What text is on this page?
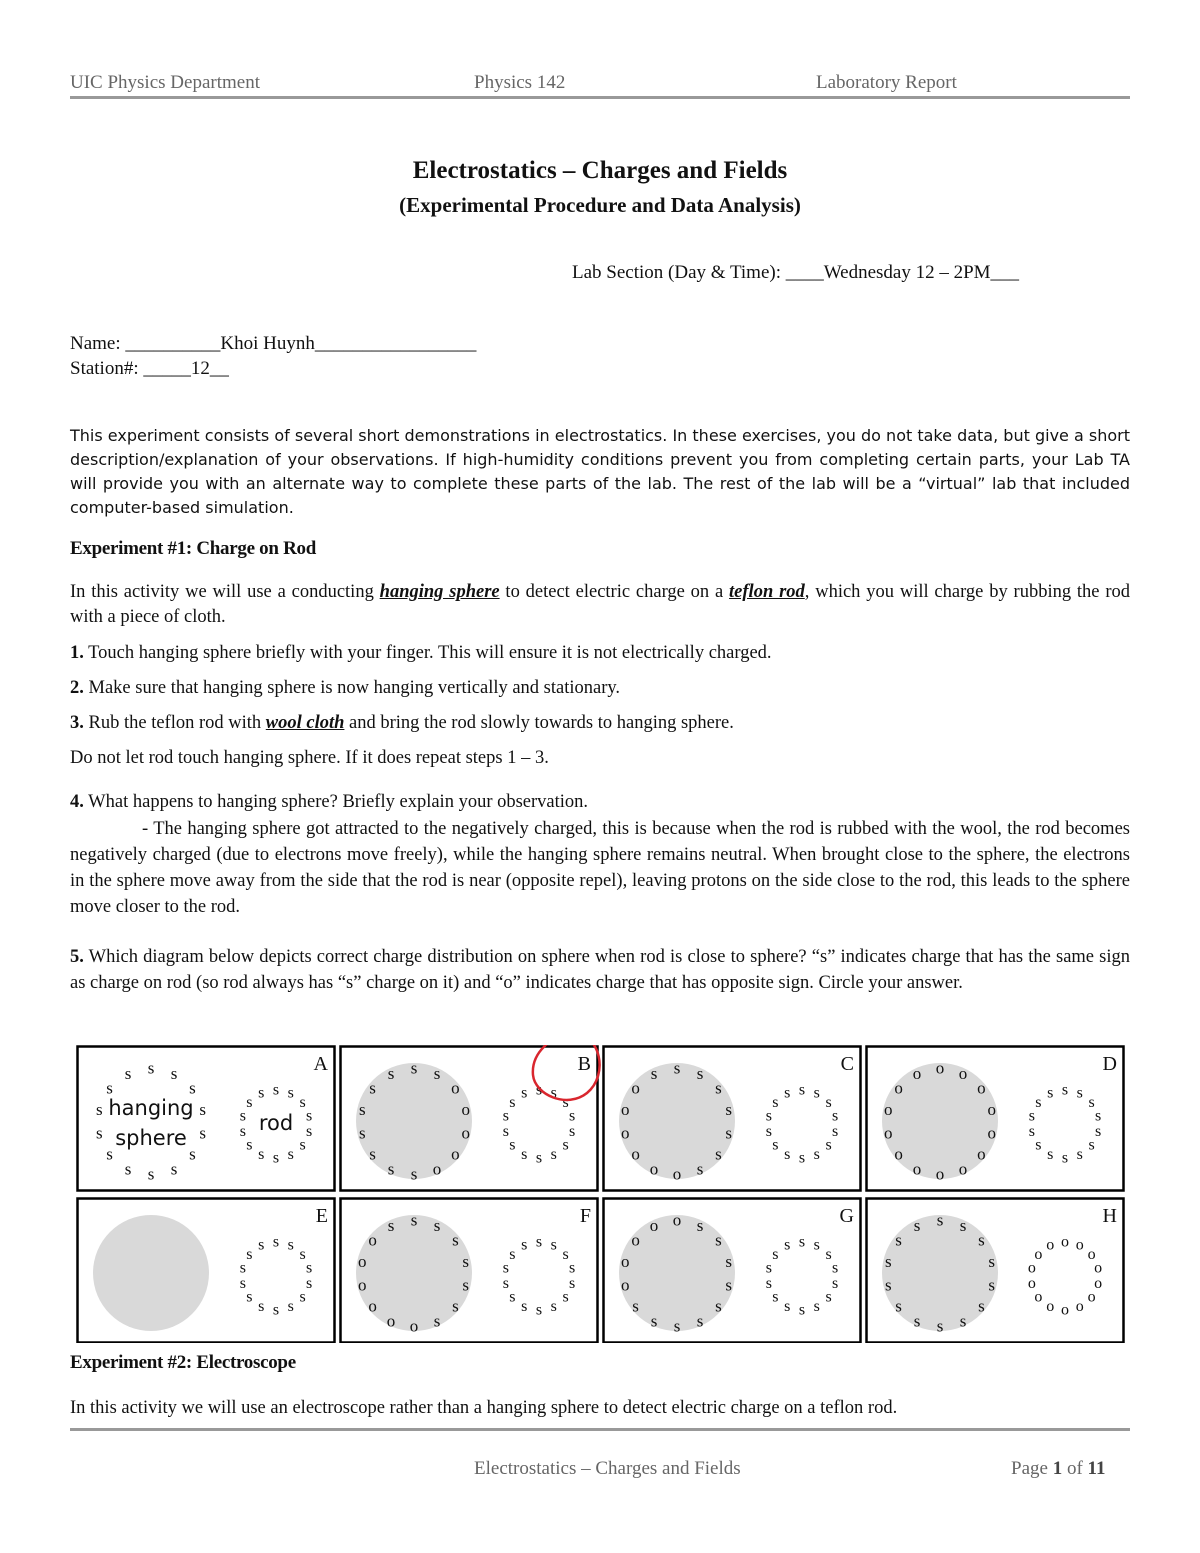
UIC Physics Department	Physics 142	Laboratory Report
Electrostatics – Charges and Fields
(Experimental Procedure and Data Analysis)
Lab Section (Day & Time): ____Wednesday 12 – 2PM___
Name: __________Khoi Huynh_________________
Station#: _____12__
This experiment consists of several short demonstrations in electrostatics. In these exercises, you do not take data, but give a short description/explanation of your observations. If high-humidity conditions prevent you from completing certain parts, your Lab TA will provide you with an alternate way to complete these parts of the lab. The rest of the lab will be a “virtual” lab that included computer-based simulation.
Experiment #1: Charge on Rod
In this activity we will use a conducting hanging sphere to detect electric charge on a teflon rod, which you will charge by rubbing the rod with a piece of cloth.
1. Touch hanging sphere briefly with your finger. This will ensure it is not electrically charged.
2. Make sure that hanging sphere is now hanging vertically and stationary.
3. Rub the teflon rod with wool cloth and bring the rod slowly towards to hanging sphere.
Do not let rod touch hanging sphere. If it does repeat steps 1 – 3.
4. What happens to hanging sphere? Briefly explain your observation.
- The hanging sphere got attracted to the negatively charged, this is because when the rod is rubbed with the wool, the rod becomes negatively charged (due to electrons move freely), while the hanging sphere remains neutral. When brought close to the sphere, the electrons in the sphere move away from the side that the rod is near (opposite repel), leaving protons on the side close to the rod, this leads to the sphere move closer to the rod.
5. Which diagram below depicts correct charge distribution on sphere when rod is close to sphere? “s” indicates charge that has the same sign as charge on rod (so rod always has “s” charge on it) and “o” indicates charge that has opposite sign. Circle your answer.
A
s s
s
s
s
s
s
s
s
s
s
s
s
s
hanging
sphere
s s
s
s
s
s
s
s
s
s
s
s
s
s
rod
B
s s
o
o
o
o
o
s
s
s
s
s
s
s
s s
s
s
s
s
s
s
s
s
s
s
s
s
C
s s
s
s
s
s
s
o
o
o
o
o
o
s
s s
s
s
s
s
s
s
s
s
s
s
s
s
D
o o
o
o
o
o
o
o
o
o
o
o
o
o
s s
s
s
s
s
s
s
s
s
s
s
s
s
E
s s
s
s
s
s
s
s
s
s
s
s
s
s
F
s s
s
s
s
s
s
o
o
o
o
o
o
s
s s
s
s
s
s
s
s
s
s
s
s
s
s
G
o s
s
s
s
s
s
s
s
s
o
o
o
o
s s
s
s
s
s
s
s
s
s
s
s
s
s
H
s s
s
s
s
s
s
s
s
s
s
s
s
s
o o
o
o
o
o
o
o
o
o
o
o
o
o
Experiment #2: Electroscope
In this activity we will use an electroscope rather than a hanging sphere to detect electric charge on a teflon rod.
Electrostatics – Charges and Fields	Page 1 of 11
